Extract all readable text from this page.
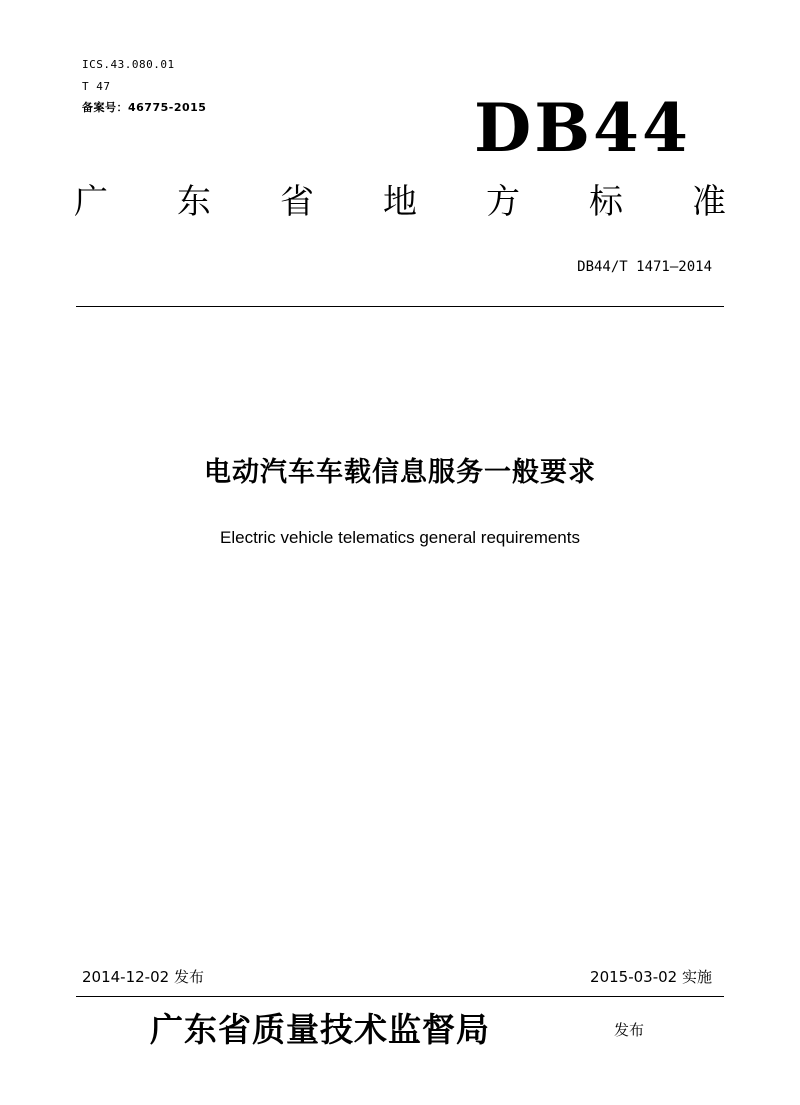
ICS.43.080.01
T 47
备案号：46775-2015	DB44
广 东 省 地 方 标 准
DB44/T 1471—2014
电动汽车车载信息服务一般要求
Electric vehicle telematics general requirements
2014-12-02 发布	2015-03-02 实施
广东省质量技术监督局	发布
